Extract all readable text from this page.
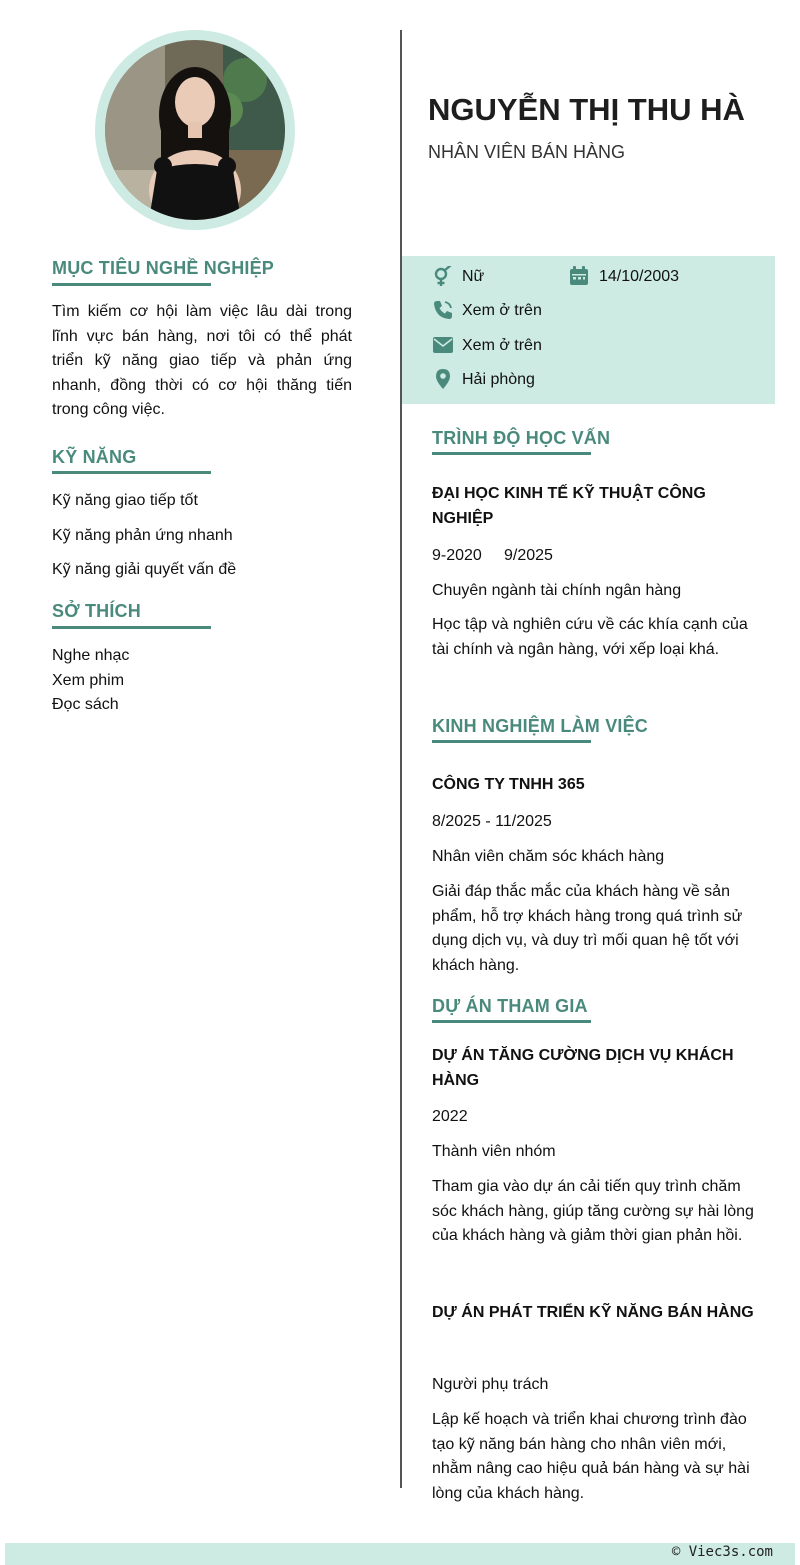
MỤC TIÊU NGHỀ NGHIỆP
Tìm kiếm cơ hội làm việc lâu dài trong lĩnh vực bán hàng, nơi tôi có thể phát triển kỹ năng giao tiếp và phản ứng nhanh, đồng thời có cơ hội thăng tiến trong công việc.
KỸ NĂNG
Kỹ năng giao tiếp tốt
Kỹ năng phản ứng nhanh
Kỹ năng giải quyết vấn đề
SỞ THÍCH
Nghe nhạc
Xem phim
Đọc sách
NGUYỄN THỊ THU HÀ
NHÂN VIÊN BÁN HÀNG
Nữ	14/10/2003
Xem ở trên
Xem ở trên
Hải phòng
TRÌNH ĐỘ HỌC VẤN
ĐẠI HỌC KINH TẾ KỸ THUẬT CÔNG NGHIỆP
9-2020 9/2025
Chuyên ngành tài chính ngân hàng
Học tập và nghiên cứu về các khía cạnh của tài chính và ngân hàng, với xếp loại khá.
KINH NGHIỆM LÀM VIỆC
CÔNG TY TNHH 365
8/2025 - 11/2025
Nhân viên chăm sóc khách hàng
Giải đáp thắc mắc của khách hàng về sản phẩm, hỗ trợ khách hàng trong quá trình sử dụng dịch vụ, và duy trì mối quan hệ tốt với khách hàng.
DỰ ÁN THAM GIA
DỰ ÁN TĂNG CƯỜNG DỊCH VỤ KHÁCH HÀNG
2022
Thành viên nhóm
Tham gia vào dự án cải tiến quy trình chăm sóc khách hàng, giúp tăng cường sự hài lòng của khách hàng và giảm thời gian phản hồi.
DỰ ÁN PHÁT TRIỂN KỸ NĂNG BÁN HÀNG
Người phụ trách
Lập kế hoạch và triển khai chương trình đào tạo kỹ năng bán hàng cho nhân viên mới, nhằm nâng cao hiệu quả bán hàng và sự hài lòng của khách hàng.
© Viec3s.com
